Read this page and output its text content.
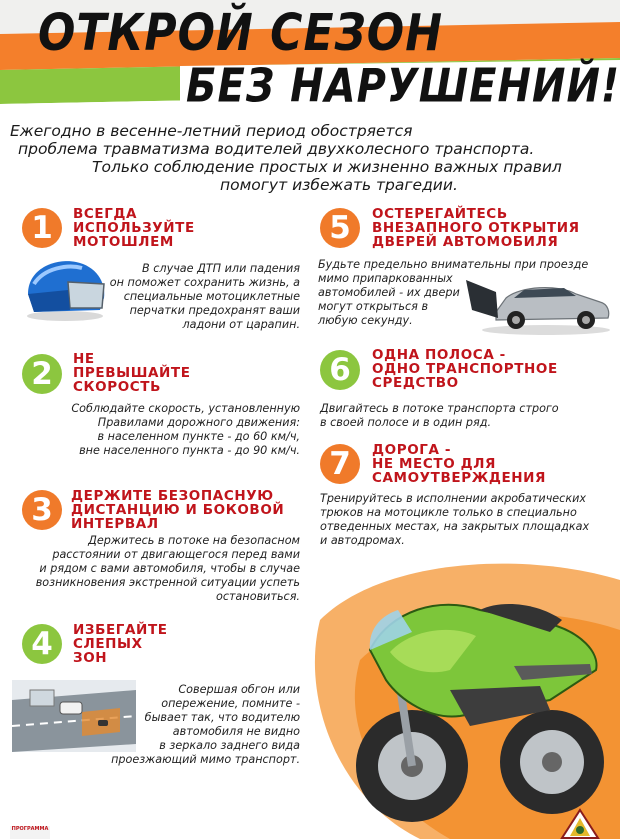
ОТКРОЙ СЕЗОН
БЕЗ НАРУШЕНИЙ!
Ежегодно в весенне-летний период обостряется
проблема травматизма водителей двухколесного транспорта.
Только соблюдение простых и жизненно важных правил
помогут избежать трагедии.
1	ВСЕГДА
ИСПОЛЬЗУЙТЕ
МОТОШЛЕМ
В случае ДТП или падения
он поможет сохранить жизнь, а
специальные мотоциклетные
перчатки предохранят ваши
ладони от царапин.
2	НЕ
ПРЕВЫШАЙТЕ
СКОРОСТЬ
Соблюдайте скорость, установленную
Правилами дорожного движения:
в населенном пункте - до 60 км/ч,
вне населенного пункта - до 90 км/ч.
3	ДЕРЖИТЕ БЕЗОПАСНУЮ
ДИСТАНЦИЮ И БОКОВОЙ
ИНТЕРВАЛ
Держитесь в потоке на безопасном
расстоянии от двигающегося перед вами
и рядом с вами автомобиля, чтобы в случае
возникновения экстренной ситуации успеть
остановиться.
4	ИЗБЕГАЙТЕ
СЛЕПЫХ
ЗОН
Совершая обгон или
опережение, помните -
бывает так, что водителю
автомобиля не видно
в зеркало заднего вида
проезжающий мимо транспорт.
5	ОСТЕРЕГАЙТЕСЬ
ВНЕЗАПНОГО ОТКРЫТИЯ
ДВЕРЕЙ АВТОМОБИЛЯ
Будьте предельно внимательны при проезде
мимо припаркованных
автомобилей - их двери
могут открыться в
любую секунду.
6	ОДНА ПОЛОСА -
ОДНО ТРАНСПОРТНОЕ
СРЕДСТВО
Двигайтесь в потоке транспорта строго
в своей полосе и в один ряд.
7	ДОРОГА -
НЕ МЕСТО ДЛЯ
САМОУТВЕРЖДЕНИЯ
Тренируйтесь в исполнении акробатических
трюков на мотоцикле только в специально
отведенных местах, на закрытых площадках
и автодромах.
ПРОГРАММА
